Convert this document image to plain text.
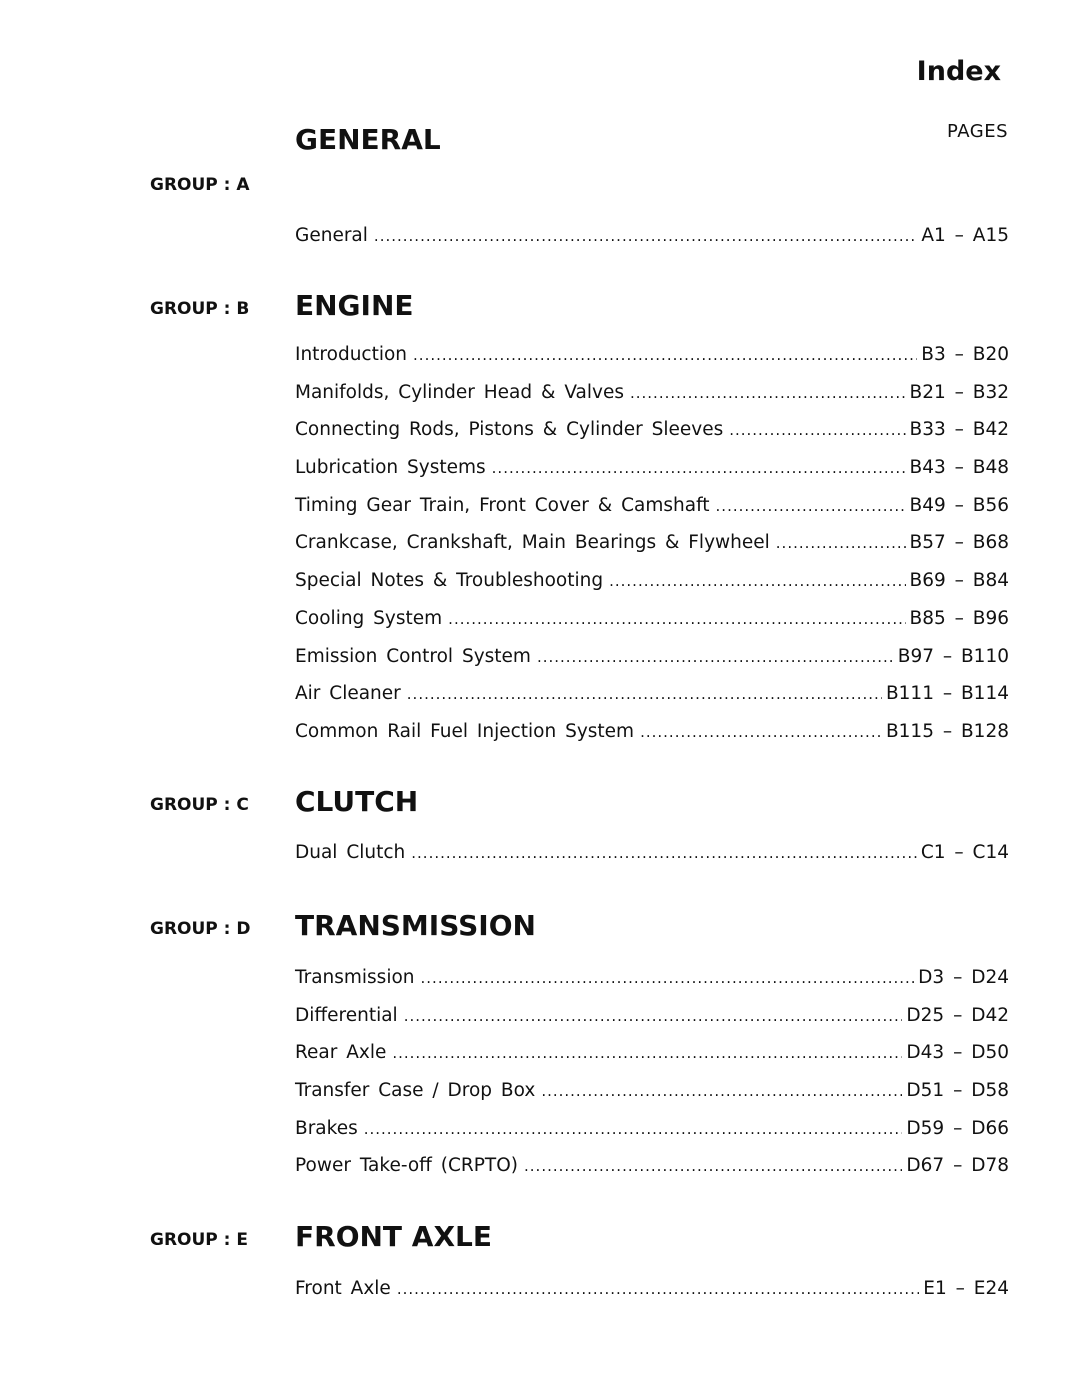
Index
PAGES
GROUP : A
GENERAL
General .....	A1 – A15
GROUP : B ENGINE
Introduction .....	B3 – B20
Manifolds, Cylinder Head & Valves .....	B21 – B32
Connecting Rods, Pistons & Cylinder Sleeves .....	B33 – B42
Lubrication Systems .....	B43 – B48
Timing Gear Train, Front Cover & Camshaft .....	B49 – B56
Crankcase, Crankshaft, Main Bearings & Flywheel .....	B57 – B68
Special Notes & Troubleshooting .....	B69 – B84
Cooling System .....	B85 – B96
Emission Control System .....	B97 – B110
Air Cleaner .....	B111 – B114
Common Rail Fuel Injection System .....	B115 – B128
GROUP : C CLUTCH
Dual Clutch .....	C1 – C14
GROUP : D TRANSMISSION
Transmission .....	D3 – D24
Differential .....	D25 – D42
Rear Axle .....	D43 – D50
Transfer Case / Drop Box .....	D51 – D58
Brakes .....	D59 – D66
Power Take-off (CRPTO) .....	D67 – D78
GROUP : E FRONT AXLE
Front Axle .....	E1 – E24
